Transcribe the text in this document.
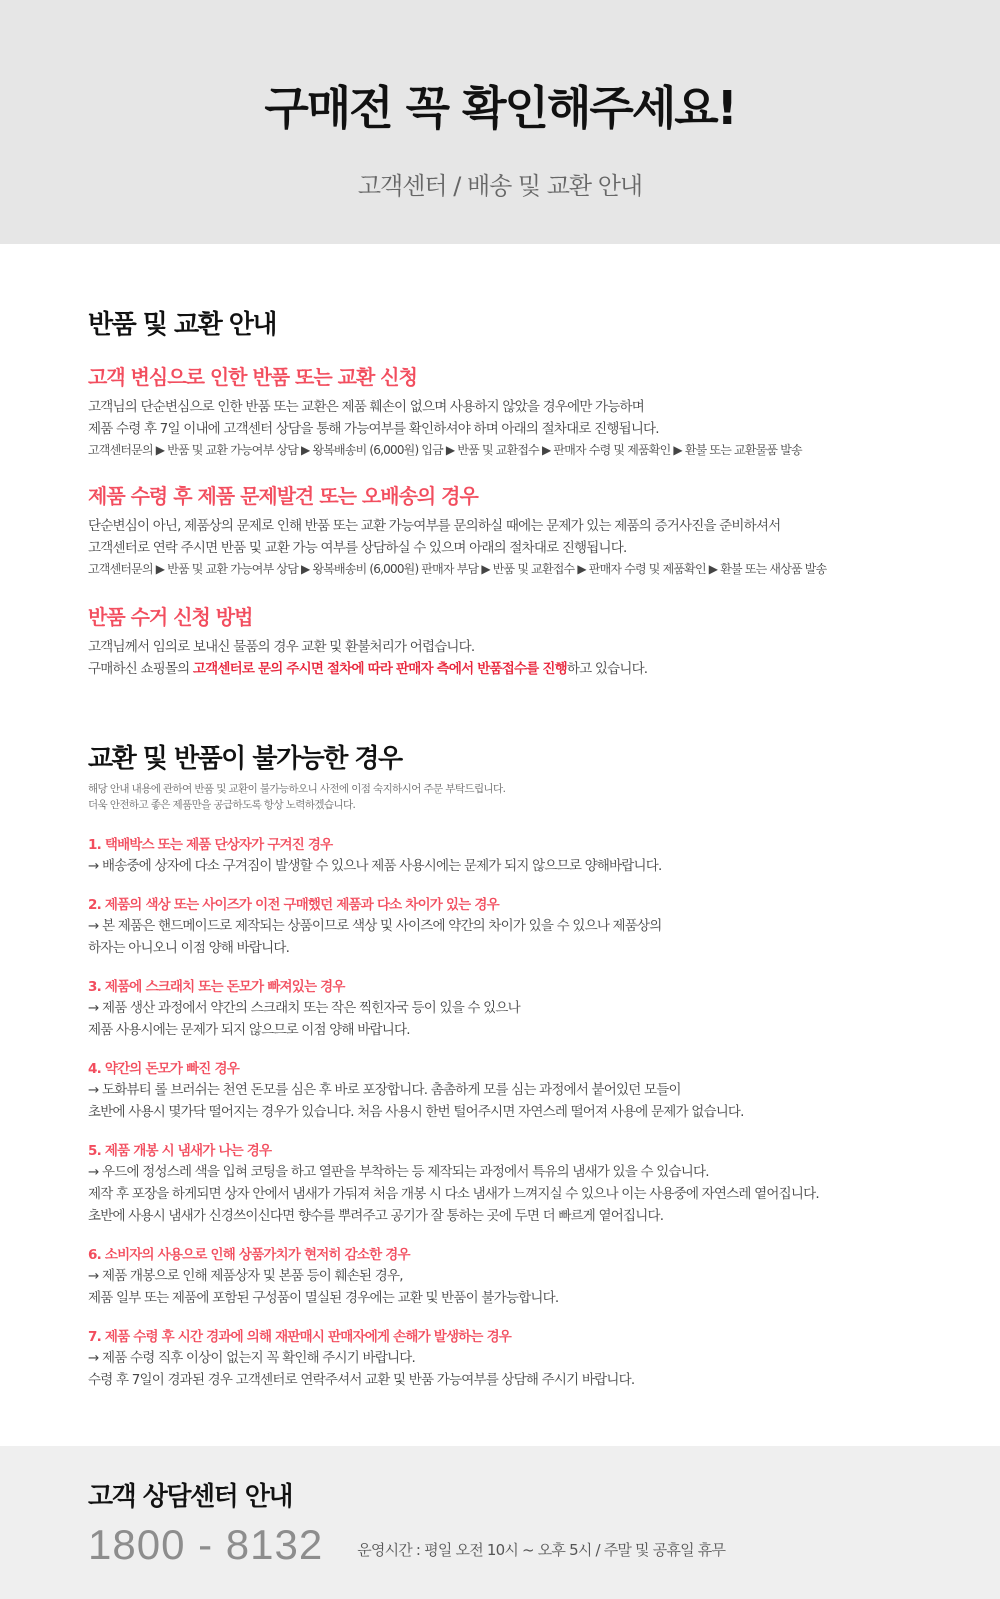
구매전 꼭 확인해주세요!
고객센터 / 배송 및 교환 안내
반품 및 교환 안내
고객 변심으로 인한 반품 또는 교환 신청
고객님의 단순변심으로 인한 반품 또는 교환은 제품 훼손이 없으며 사용하지 않았을 경우에만 가능하며
제품 수령 후 7일 이내에 고객센터 상담을 통해 가능여부를 확인하셔야 하며 아래의 절차대로 진행됩니다.
고객센터문의 ▶ 반품 및 교환 가능여부 상담 ▶ 왕복배송비 (6,000원) 입금 ▶ 반품 및 교환접수 ▶ 판매자 수령 및 제품확인 ▶ 환불 또는 교환물품 발송
제품 수령 후 제품 문제발견 또는 오배송의 경우
단순변심이 아닌, 제품상의 문제로 인해 반품 또는 교환 가능여부를 문의하실 때에는 문제가 있는 제품의 증거사진을 준비하셔서
고객센터로 연락 주시면 반품 및 교환 가능 여부를 상담하실 수 있으며 아래의 절차대로 진행됩니다.
고객센터문의 ▶ 반품 및 교환 가능여부 상담 ▶ 왕복배송비 (6,000원) 판매자 부담 ▶ 반품 및 교환접수 ▶ 판매자 수령 및 제품확인 ▶ 환불 또는 새상품 발송
반품 수거 신청 방법
고객님께서 임의로 보내신 물품의 경우 교환 및 환불처리가 어렵습니다.
구매하신 쇼핑몰의 고객센터로 문의 주시면 절차에 따라 판매자 측에서 반품접수를 진행하고 있습니다.
교환 및 반품이 불가능한 경우
해당 안내 내용에 관하여 반품 및 교환이 불가능하오니 사전에 이점 숙지하시어 주문 부탁드립니다.
더욱 안전하고 좋은 제품만을 공급하도록 항상 노력하겠습니다.
1. 택배박스 또는 제품 단상자가 구겨진 경우
→ 배송중에 상자에 다소 구겨짐이 발생할 수 있으나 제품 사용시에는 문제가 되지 않으므로 양해바랍니다.
2. 제품의 색상 또는 사이즈가 이전 구매했던 제품과 다소 차이가 있는 경우
→ 본 제품은 핸드메이드로 제작되는 상품이므로 색상 및 사이즈에 약간의 차이가 있을 수 있으나 제품상의
하자는 아니오니 이점 양해 바랍니다.
3. 제품에 스크래치 또는 돈모가 빠져있는 경우
→ 제품 생산 과정에서 약간의 스크래치 또는 작은 찍힌자국 등이 있을 수 있으나
제품 사용시에는 문제가 되지 않으므로 이점 양해 바랍니다.
4. 약간의 돈모가 빠진 경우
→ 도화뷰티 롤 브러쉬는 천연 돈모를 심은 후 바로 포장합니다. 촘촘하게 모를 심는 과정에서 붙어있던 모들이
초반에 사용시 몇가닥 떨어지는 경우가 있습니다. 처음 사용시 한번 털어주시면 자연스레 떨어져 사용에 문제가 없습니다.
5. 제품 개봉 시 냄새가 나는 경우
→ 우드에 정성스레 색을 입혀 코팅을 하고 열판을 부착하는 등 제작되는 과정에서 특유의 냄새가 있을 수 있습니다.
제작 후 포장을 하게되면 상자 안에서 냄새가 가둬져 처음 개봉 시 다소 냄새가 느껴지실 수 있으나 이는 사용중에 자연스레 옅어집니다.
초반에 사용시 냄새가 신경쓰이신다면 향수를 뿌려주고 공기가 잘 통하는 곳에 두면 더 빠르게 옅어집니다.
6. 소비자의 사용으로 인해 상품가치가 현저히 감소한 경우
→ 제품 개봉으로 인해 제품상자 및 본품 등이 훼손된 경우,
제품 일부 또는 제품에 포함된 구성품이 멸실된 경우에는 교환 및 반품이 불가능합니다.
7. 제품 수령 후 시간 경과에 의해 재판매시 판매자에게 손해가 발생하는 경우
→ 제품 수령 직후 이상이 없는지 꼭 확인해 주시기 바랍니다.
수령 후 7일이 경과된 경우 고객센터로 연락주셔서 교환 및 반품 가능여부를 상담해 주시기 바랍니다.
고객 상담센터 안내
1800 - 8132 운영시간 : 평일 오전 10시 ~ 오후 5시 / 주말 및 공휴일 휴무
